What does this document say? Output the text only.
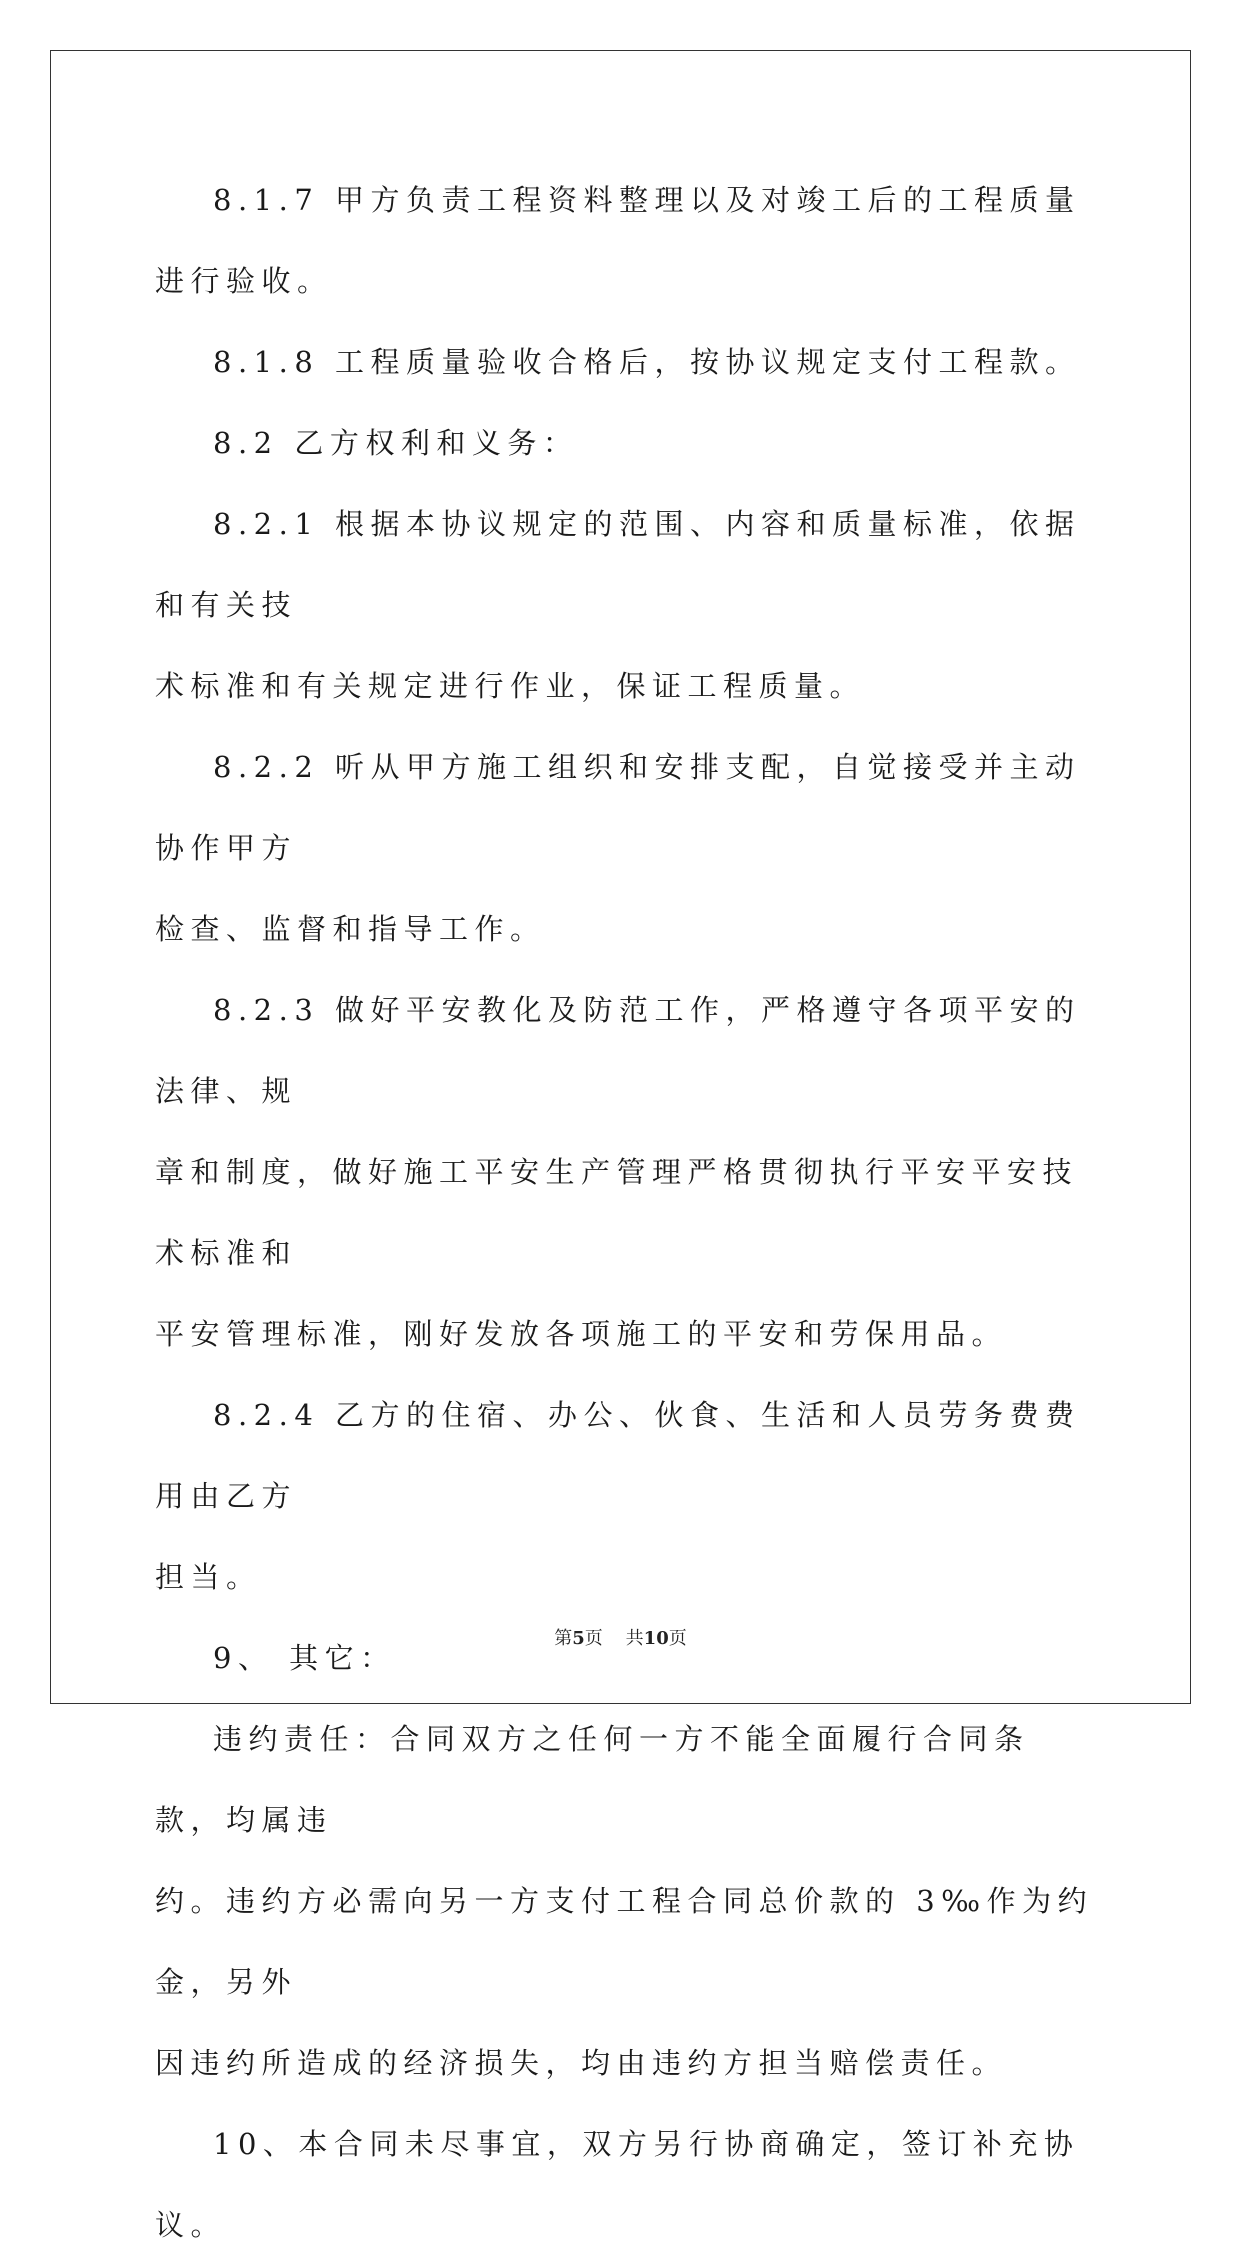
8.1.7 甲方负责工程资料整理以及对竣工后的工程质量进行验收。

8.1.8 工程质量验收合格后，按协议规定支付工程款。

8.2 乙方权利和义务：

8.2.1 根据本协议规定的范围、内容和质量标准，依据和有关技
术标准和有关规定进行作业，保证工程质量。

8.2.2 听从甲方施工组织和安排支配，自觉接受并主动协作甲方
检查、监督和指导工作。

8.2.3 做好平安教化及防范工作，严格遵守各项平安的法律、规
章和制度，做好施工平安生产管理严格贯彻执行平安平安技术标准和
平安管理标准，刚好发放各项施工的平安和劳保用品。

8.2.4 乙方的住宿、办公、伙食、生活和人员劳务费费用由乙方
担当。

9、 其它：

违约责任：合同双方之任何一方不能全面履行合同条款，均属违
约。违约方必需向另一方支付工程合同总价款的 3‰作为约金，另外
因违约所造成的经济损失，均由违约方担当赔偿责任。

10、本合同未尽事宜，双方另行协商确定，签订补充协议。

第5页 共10页
